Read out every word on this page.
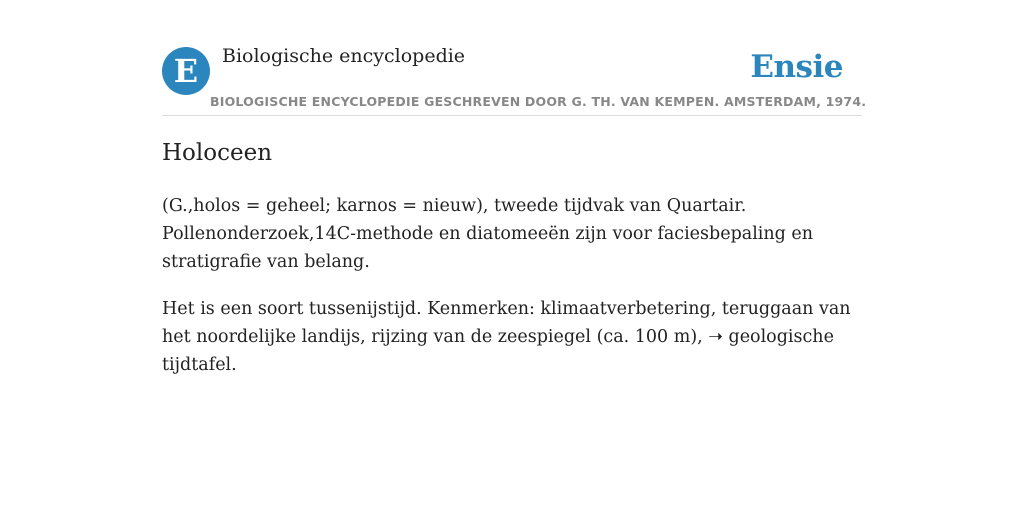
E	Biologische encyclopedie	Ensie
BIOLOGISCHE ENCYCLOPEDIE GESCHREVEN DOOR G. TH. VAN KEMPEN. AMSTERDAM, 1974.
Holoceen

(G.,holos = geheel; karnos = nieuw), tweede tijdvak van Quartair. Pollenonderzoek,14C-methode en diatomeeën zijn voor faciesbepaling en stratigrafie van belang.

Het is een soort tussenijstijd. Kenmerken: klimaatverbetering, teruggaan van het noordelijke landijs, rijzing van de zeespiegel (ca. 100 m), ➝ geologische tijdtafel.
